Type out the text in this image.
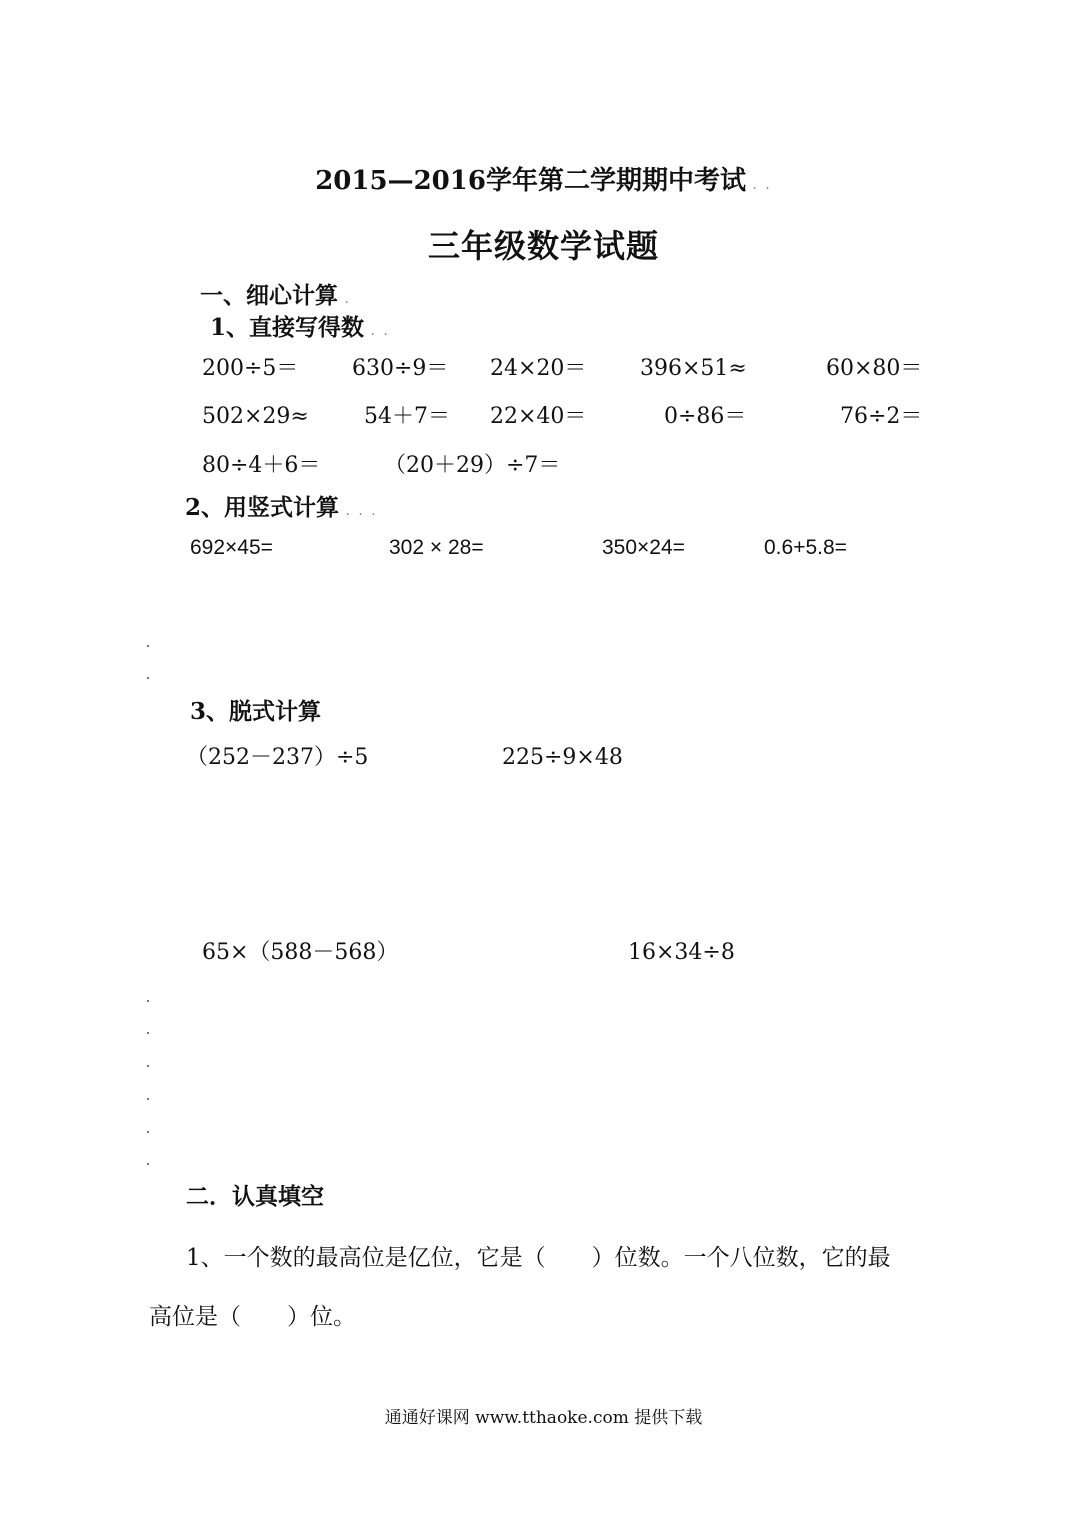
2015—2016学年第二学期期中考试 . .
三年级数学试题
一、细心计算 .
1、直接写得数 . .
200÷5＝ 630÷9＝ 24×20＝ 396×51≈	60×80＝
502×29≈	54＋7＝ 22×40＝	0÷86＝	76÷2＝
80÷4＋6＝	（20＋29）÷7＝
2、用竖式计算 . . .
692×45=	302 × 28=	350×24=	0.6+5.8=
3、脱式计算
（252－237）÷5	225÷9×48
65×（588－568）	16×34÷8
二．认真填空
1、一个数的最高位是亿位，它是（　　）位数。一个八位数，它的最
高位是（　　）位。
通通好课网 www.tthaoke.com 提供下载
